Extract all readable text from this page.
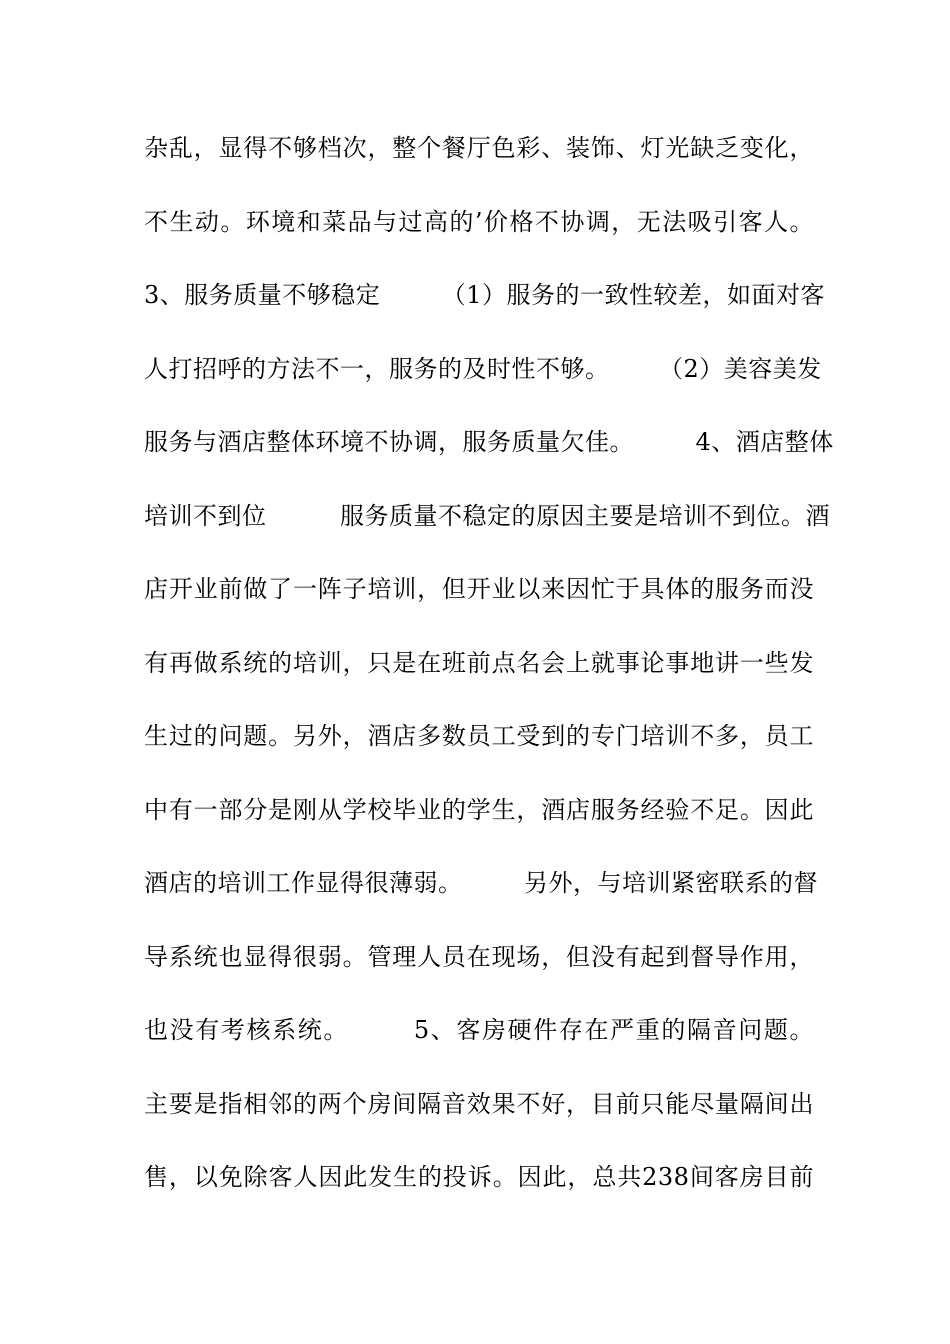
杂乱，显得不够档次，整个餐厅色彩、装饰、灯光缺乏变化，
不生动。环境和菜品与过高的’价格不协调，无法吸引客人。
3、服务质量不够稳定　　　（1）服务的一致性较差，如面对客
人打招呼的方法不一，服务的及时性不够。　　　（2）美容美发
服务与酒店整体环境不协调，服务质量欠佳。　　　4、酒店整体
培训不到位　　　服务质量不稳定的原因主要是培训不到位。酒
店开业前做了一阵子培训，但开业以来因忙于具体的服务而没
有再做系统的培训，只是在班前点名会上就事论事地讲一些发
生过的问题。另外，酒店多数员工受到的专门培训不多，员工
中有一部分是刚从学校毕业的学生，酒店服务经验不足。因此
酒店的培训工作显得很薄弱。　　　另外，与培训紧密联系的督
导系统也显得很弱。管理人员在现场，但没有起到督导作用，
也没有考核系统。　　　5、客房硬件存在严重的隔音问题。
主要是指相邻的两个房间隔音效果不好，目前只能尽量隔间出
售，以免除客人因此发生的投诉。因此，总共238间客房目前
